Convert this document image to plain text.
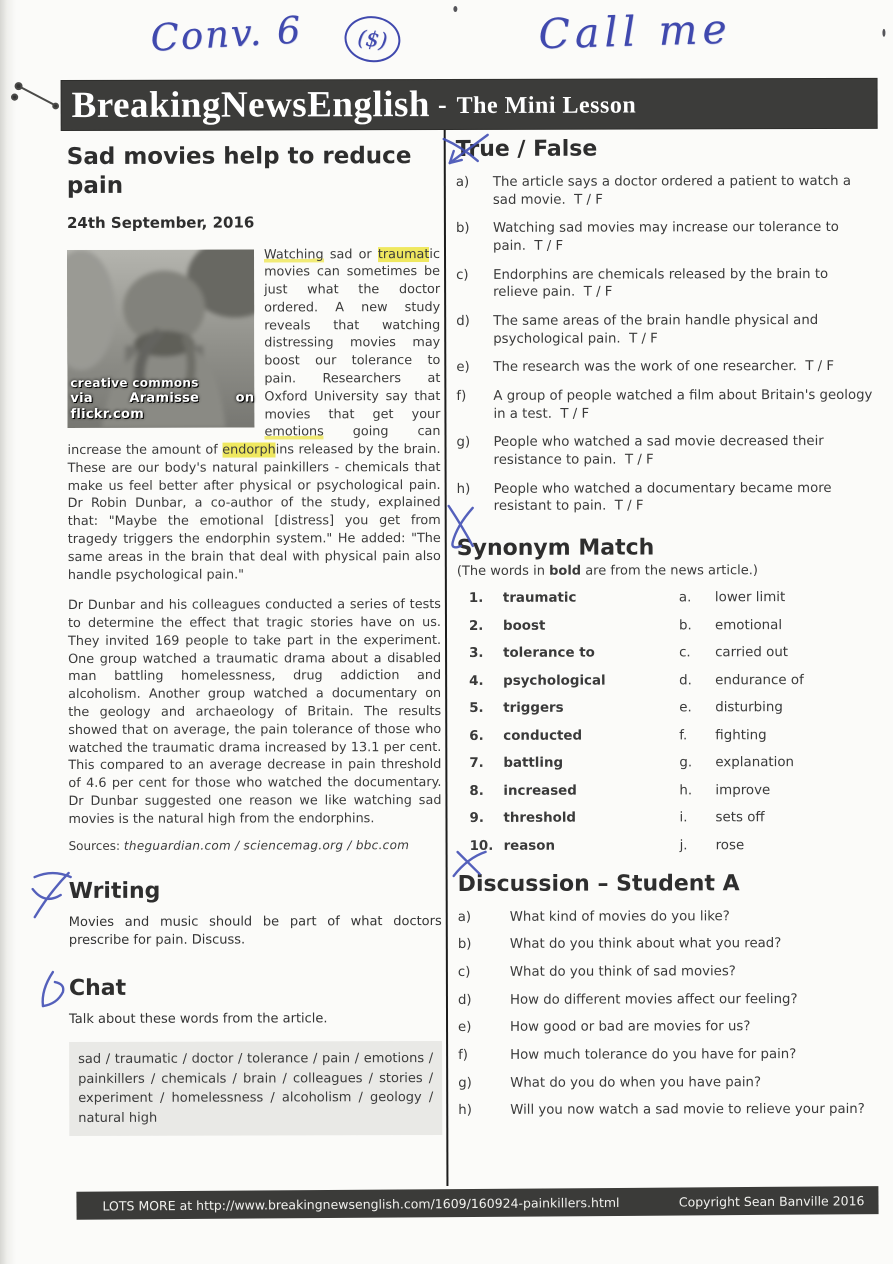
Conv. 6	($)	Call me
BreakingNewsEnglish - The Mini Lesson
Sad movies help to reduce pain
24th September, 2016
creative commons
via Aramisse on flickr.com
Watching sad or traumatic movies can sometimes be just what the doctor ordered. A new study reveals that watching distressing movies may boost our tolerance to pain. Researchers at Oxford University say that movies that get your emotions going can increase the amount of endorphins released by the brain. These are our body's natural painkillers - chemicals that make us feel better after physical or psychological pain. Dr Robin Dunbar, a co-author of the study, explained that: "Maybe the emotional [distress] you get from tragedy triggers the endorphin system." He added: "The same areas in the brain that deal with physical pain also handle psychological pain."
Dr Dunbar and his colleagues conducted a series of tests to determine the effect that tragic stories have on us. They invited 169 people to take part in the experiment. One group watched a traumatic drama about a disabled man battling homelessness, drug addiction and alcoholism. Another group watched a documentary on the geology and archaeology of Britain. The results showed that on average, the pain tolerance of those who watched the traumatic drama increased by 13.1 per cent. This compared to an average decrease in pain threshold of 4.6 per cent for those who watched the documentary. Dr Dunbar suggested one reason we like watching sad movies is the natural high from the endorphins.
Sources: theguardian.com / sciencemag.org / bbc.com
Writing

Movies and music should be part of what doctors prescribe for pain. Discuss.

Chat

Talk about these words from the article.

sad / traumatic / doctor / tolerance / pain / emotions / painkillers / chemicals / brain / colleagues / stories / experiment / homelessness / alcoholism / geology / natural high
True / False
a)	The article says a doctor ordered a patient to watch a sad movie. T / F
b)	Watching sad movies may increase our tolerance to pain. T / F
c)	Endorphins are chemicals released by the brain to relieve pain. T / F
d)	The same areas of the brain handle physical and psychological pain. T / F
e)	The research was the work of one researcher. T / F
f)	A group of people watched a film about Britain's geology in a test. T / F
g)	People who watched a sad movie decreased their resistance to pain. T / F
h)	People who watched a documentary became more resistant to pain. T / F
Synonym Match

(The words in bold are from the news article.)

1.	traumatic	a.	lower limit
2.	boost	b.	emotional
3.	tolerance to	c.	carried out
4.	psychological	d.	endurance of
5.	triggers	e.	disturbing
6.	conducted	f.	fighting
7.	battling	g.	explanation
8.	increased	h.	improve
9.	threshold	i.	sets off
10. reason	j.	rose
Discussion – Student A
a)	What kind of movies do you like?
b)	What do you think about what you read?
c)	What do you think of sad movies?
d)	How do different movies affect our feeling?
e)	How good or bad are movies for us?
f)	How much tolerance do you have for pain?
g)	What do you do when you have pain?
h)	Will you now watch a sad movie to relieve your pain?
LOTS MORE at http://www.breakingnewsenglish.com/1609/160924-painkillers.html	Copyright Sean Banville 2016
